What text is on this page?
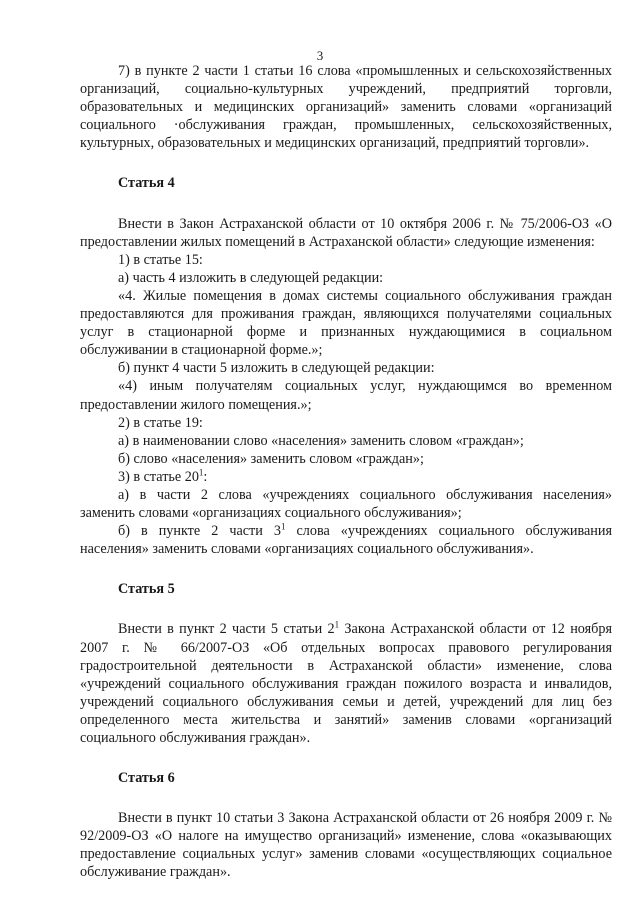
3

7) в пункте 2 части 1 статьи 16 слова «промышленных и сельскохозяйственных организаций, социально-культурных учреждений, предприятий торговли, образовательных и медицинских организаций» заменить словами «организаций социального ·обслуживания граждан, промышленных, сельскохозяйственных, культурных, образовательных и медицинских организаций, предприятий торговли».

Статья 4

Внести в Закон Астраханской области от 10 октября 2006 г. № 75/2006-ОЗ «О предоставлении жилых помещений в Астраханской области» следующие изменения:

1) в статье 15:

а) часть 4 изложить в следующей редакции:

«4. Жилые помещения в домах системы социального обслуживания граждан предоставляются для проживания граждан, являющихся получателями социальных услуг в стационарной форме и признанных нуждающимися в социальном обслуживании в стационарной форме.»;

б) пункт 4 части 5 изложить в следующей редакции:

«4) иным получателям социальных услуг, нуждающимся во временном предоставлении жилого помещения.»;

2) в статье 19:

а) в наименовании слово «населения» заменить словом «граждан»;

б) слово «населения» заменить словом «граждан»;

3) в статье $20^1$:

а) в части 2 слова «учреждениях социального обслуживания населения» заменить словами «организациях социального обслуживания»;

б) в пункте 2 части $3^1$ слова «учреждениях социального обслуживания населения» заменить словами «организациях социального обслуживания».

Статья 5

Внести в пункт 2 части 5 статьи $2^1$ Закона Астраханской области от 12 ноября 2007 г. № 66/2007-ОЗ «Об отдельных вопросах правового регулирования градостроительной деятельности в Астраханской области» изменение, слова «учреждений социального обслуживания граждан пожилого возраста и инвалидов, учреждений социального обслуживания семьи и детей, учреждений для лиц без определенного места жительства и занятий» заменив словами «организаций социального обслуживания граждан».

Статья 6

Внести в пункт 10 статьи 3 Закона Астраханской области от 26 ноября 2009 г. № 92/2009-ОЗ «О налоге на имущество организаций» изменение, слова «оказывающих предоставление социальных услуг» заменив словами «осуществляющих социальное обслуживание граждан».
